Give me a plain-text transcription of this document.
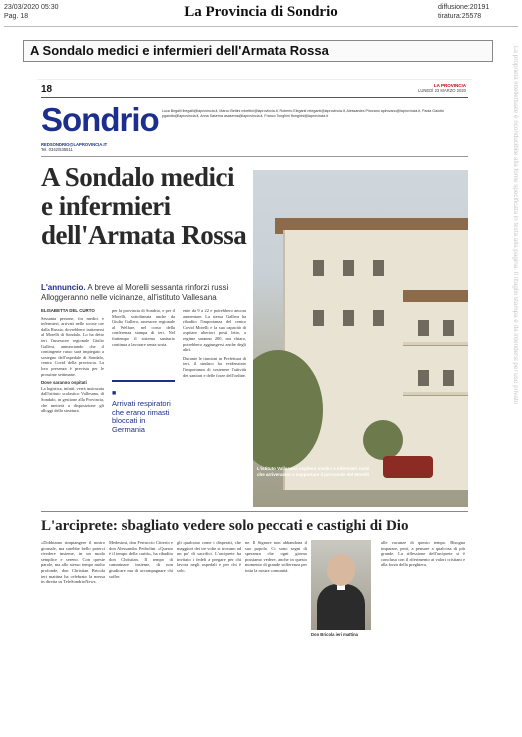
23/03/2020 05:30
Pag. 18	La Provincia di Sondrio	diffusione:20191
tiratura:25578
A Sondalo medici e infermieri dell'Armata Rossa	La proprietà intellettuale è riconducibile alla fonte specificata in testa alla pagina. Il ritaglio stampa è da intendersi per uso privato
18	LA PROVINCIA
LUNEDÌ 23 MARZO 2020
Sondrio Luca Begalli lbegalli@laprovincia.it, Marco Bettini mbettini@laprovincia.it, Roberto Eleganti releganti@laprovincia.it, Alessandra Pirovano apirovano@laprovincia.it, Paola Gaiotto pgaiotto@laprovincia.it, Anna Saserna asaserna@laprovincia.it, Franco Tonghini ftonghini@laprovincia.it
REDSONDRIO@LAPROVINCIA.IT
Tel. 0342/535511
A Sondalo medici e infermieri dell'Armata Rossa
L'annuncio. A breve al Morelli sessanta rinforzi russi Alloggeranno nelle vicinanze, all'istituto Vallesana
L'istituto Vallesana ospiterà medici e infermieri russi che arriveranno a supportare il personale del Morelli
ELISABETTA DEL CURTO
Sessanta persone, fra medici e infermieri, arrivati nelle scorse ore dalla Russia, dovrebbero trattenersi al Morelli di Sondalo. Lo ha detto ieri l'assessore regionale Giulio Gallera, annunciando che il contingente russo sarà impiegato a sostegno dell'ospedale di Sondalo, centro Covid della provincia. La loro presenza è prevista per le prossime settimane.
Dove saranno ospitati
La logistica, infatti, verrà assicurata dall'istituto scolastico Vallesana, di Sondalo, in gestione alla Provincia, che metterà a disposizione gli alloggi della struttura.
per la provincia di Sondrio, e per il Morelli, sottolineata anche da Giulio Gallera, assessore regionale al Welfare, nel corso della conferenza stampa di ieri. Nel frattempo il sistema sanitario continua a lavorare senza sosta.
ente da 9 a 22 e potrebbero ancora aumentare. La stessa Gallera ha ribadito l'importanza del centro Covid Morelli e la sua capacità di ospitare ulteriori posti letto, a regime saranno 200, ma chiaro, potrebbero aggiungersi anche degli altri.
Durante le riunioni in Prefettura di ieri, il sindaco ha evidenziato l'importanza di sostenere l'attività dei sanitari e delle forze dell'ordine.
■
Arrivati respiratori che erano rimasti bloccati in Germania
L'arciprete: sbagliato vedere solo peccati e castighi di Dio
«Dobbiamo rimpiangere il nostro giornale, ma sarebbe bello poterci rivedere insieme, in un modo semplice e sereno. Con queste parole, ma allo stesso tempo molto profonde, don Christian Bricola ieri mattina ha celebrato la messa in diretta su TeleSondrioNews.
Medesimi, don Ferruccio Citterio e don Alessandro Pedrolini. «Questo è il tempo della carità», ha ribadito don Christian. Il tempo di camminare insieme, di non giudicare ma di accompagnare chi soffre.
gli qualcuno come i disperati, che maggiori dei tre volte si trovano ad un po' di sacrifici. L'arciprete ha invitato i fedeli a pregare per chi lavora negli ospedali e per chi è solo.
ne. Il Signore non abbandona il suo popolo. Ci sono segni di speranza che ogni giorno possiamo vedere, anche in questo momento di grande sofferenza per tutta la nostra comunità.
Don Bricola ieri mattina
alle vacanze di questo tempo. Bisogna imparare, però, a pensare a qualcosa di più grande. La riflessione dell'arciprete si è conclusa con il riferimento ai valori cristiani e alla forza della preghiera.
